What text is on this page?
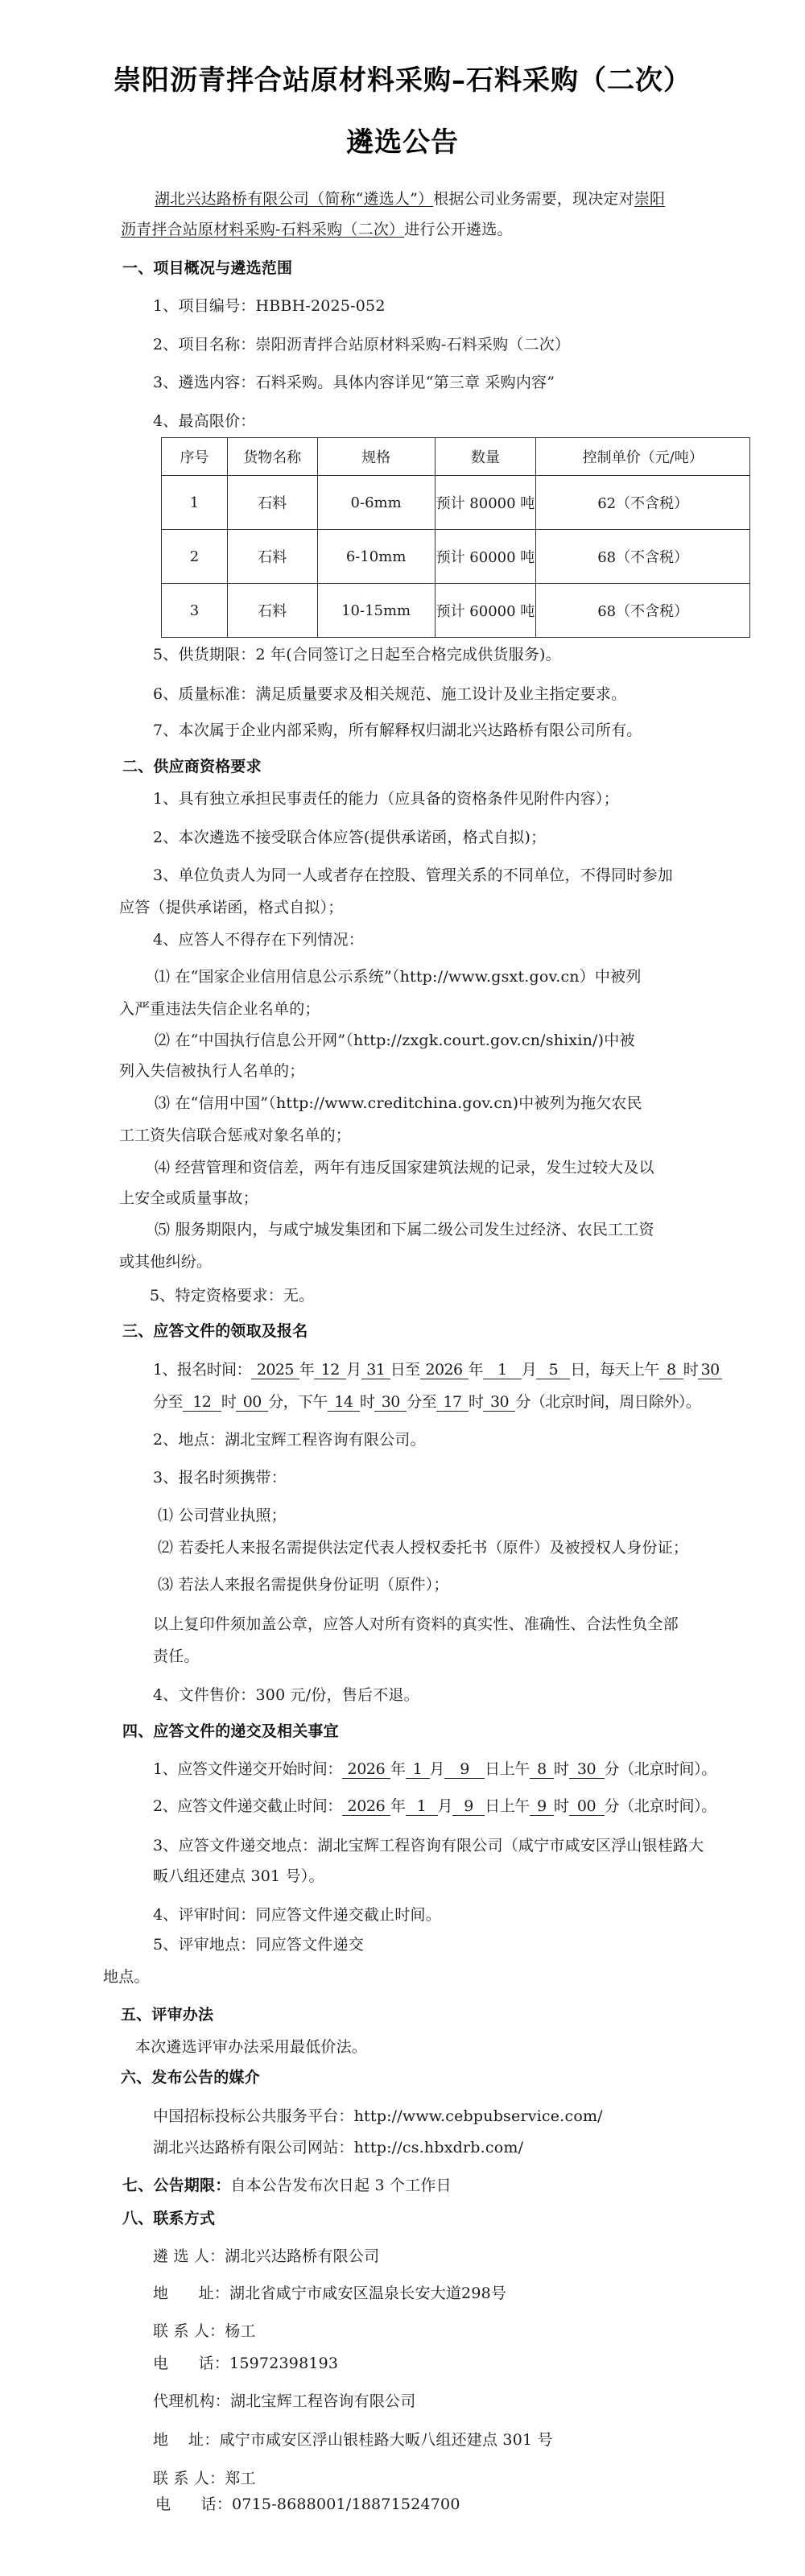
崇阳沥青拌合站原材料采购–石料采购（二次）
遴选公告
湖北兴达路桥有限公司（简称“遴选人”）根据公司业务需要，现决定对崇阳
沥青拌合站原材料采购-石料采购（二次）进行公开遴选。
一、项目概况与遴选范围
1、项目编号：HBBH-2025-052
2、项目名称：崇阳沥青拌合站原材料采购-石料采购（二次）
3、遴选内容：石料采购。具体内容详见“第三章 采购内容”
4、最高限价：
序号	货物名称	规格	数量	控制单价（元/吨）
1	石料	0-6mm	预计 80000 吨	62（不含税）
2	石料	6-10mm	预计 60000 吨	68（不含税）
3	石料	10-15mm	预计 60000 吨	68（不含税）
5、供货期限：2 年(合同签订之日起至合格完成供货服务)。
6、质量标准：满足质量要求及相关规范、施工设计及业主指定要求。
7、本次属于企业内部采购，所有解释权归湖北兴达路桥有限公司所有。
二、供应商资格要求
1、具有独立承担民事责任的能力（应具备的资格条件见附件内容）；
2、本次遴选不接受联合体应答(提供承诺函，格式自拟)；
3、单位负责人为同一人或者存在控股、管理关系的不同单位，不得同时参加
应答（提供承诺函，格式自拟）；
4、应答人不得存在下列情况：
⑴ 在“国家企业信用信息公示系统”（http://www.gsxt.gov.cn）中被列
入严重违法失信企业名单的；
⑵ 在“中国执行信息公开网”（http://zxgk.court.gov.cn/shixin/)中被
列入失信被执行人名单的；
⑶ 在“信用中国”（http://www.creditchina.gov.cn)中被列为拖欠农民
工工资失信联合惩戒对象名单的；
⑷ 经营管理和资信差，两年有违反国家建筑法规的记录，发生过较大及以
上安全或质量事故；
⑸ 服务期限内，与咸宁城发集团和下属二级公司发生过经济、农民工工资
或其他纠纷。
5、特定资格要求：无。
三、应答文件的领取及报名
1、报名时间： 2025 年 12 月 31 日至 2026 年 1 月 5 日，每天上午 8 时 30
分至 12 时 00 分，下午 14 时 30 分至 17 时 30 分（北京时间，周日除外）。
2、地点：湖北宝辉工程咨询有限公司。
3、报名时须携带：
⑴ 公司营业执照；
⑵ 若委托人来报名需提供法定代表人授权委托书（原件）及被授权人身份证；
⑶ 若法人来报名需提供身份证明（原件）；
以上复印件须加盖公章，应答人对所有资料的真实性、准确性、合法性负全部
责任。
4、文件售价：300 元/份，售后不退。
四、应答文件的递交及相关事宜
1、应答文件递交开始时间： 2026 年 1 月 9 日上午 8 时 30 分（北京时间）。
2、应答文件递交截止时间： 2026 年 1 月 9 日上午 9 时 00 分（北京时间）。
3、应答文件递交地点：湖北宝辉工程咨询有限公司（咸宁市咸安区浮山银桂路大
畈八组还建点 301 号）。
4、评审时间：同应答文件递交截止时间。
5、评审地点：同应答文件递交
地点。
五、评审办法
本次遴选评审办法采用最低价法。
六、发布公告的媒介
中国招标投标公共服务平台：http://www.cebpubservice.com/
湖北兴达路桥有限公司网站：http://cs.hbxdrb.com/
七、公告期限：自本公告发布次日起 3 个工作日
八、联系方式
遴 选 人：湖北兴达路桥有限公司
地      址：湖北省咸宁市咸安区温泉长安大道298号
联 系 人：杨工
电      话：15972398193
代理机构：湖北宝辉工程咨询有限公司
地    址：咸宁市咸安区浮山银桂路大畈八组还建点 301 号
联 系 人：郑工
电      话：0715-8688001/18871524700
